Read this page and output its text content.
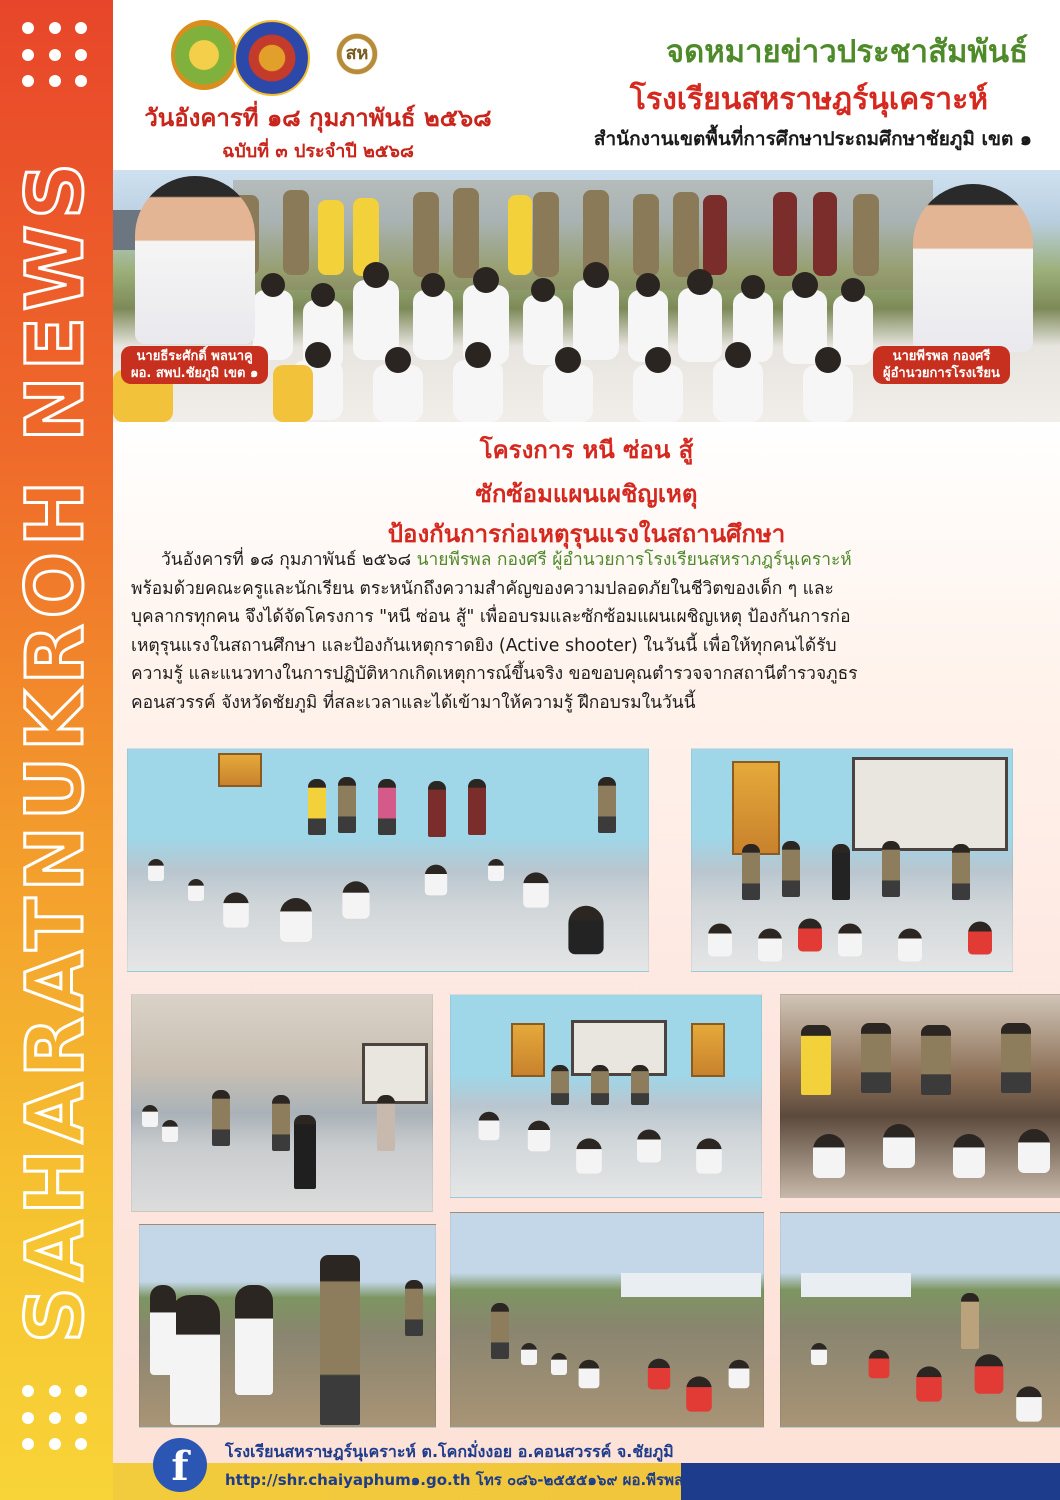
SAHARATNUKROH NEWS
สห
วันอังคารที่ ๑๘ กุมภาพันธ์ ๒๕๖๘
ฉบับที่ ๓ ประจำปี ๒๕๖๘
จดหมายข่าวประชาสัมพันธ์
โรงเรียนสหราษฎร์นุเคราะห์
สำนักงานเขตพื้นที่การศึกษาประถมศึกษาชัยภูมิ เขต ๑
นายธีระศักดิ์ พลนาคู
ผอ. สพป.ชัยภูมิ เขต ๑
นายพีรพล กองศรี
ผู้อำนวยการโรงเรียน
โครงการ หนี ซ่อน สู้
ซักซ้อมแผนเผชิญเหตุ
ป้องกันการก่อเหตุรุนแรงในสถานศึกษา

วันอังคารที่ ๑๘ กุมภาพันธ์ ๒๕๖๘ นายพีรพล กองศรี ผู้อำนวยการโรงเรียนสหราภฎร์นุเคราะห์

พร้อมด้วยคณะครูและนักเรียน ตระหนักถึงความสำคัญของความปลอดภัยในชีวิตของเด็ก ๆ และ

บุคลากรทุกคน จึงได้จัดโครงการ "หนี ซ่อน สู้" เพื่ออบรมและซักซ้อมแผนเผชิญเหตุ ป้องกันการก่อ

เหตุรุนแรงในสถานศึกษา และป้องกันเหตุกราดยิง (Active shooter) ในวันนี้ เพื่อให้ทุกคนได้รับ

ความรู้ และแนวทางในการปฏิบัติหากเกิดเหตุการณ์ขึ้นจริง ขอขอบคุณตำรวจจากสถานีตำรวจภูธร

คอนสวรรค์ จังหวัดชัยภูมิ ที่สละเวลาและได้เข้ามาให้ความรู้ ฝึกอบรมในวันนี้

f	โรงเรียนสหราษฎร์นุเคราะห์ ต.โคกมั่งงอย อ.คอนสวรรค์ จ.ชัยภูมิ
http://shr.chaiyaphum๑.go.th โทร ๐๘๖-๒๕๕๕๑๖๙ ผอ.พีรพล กองศรี
